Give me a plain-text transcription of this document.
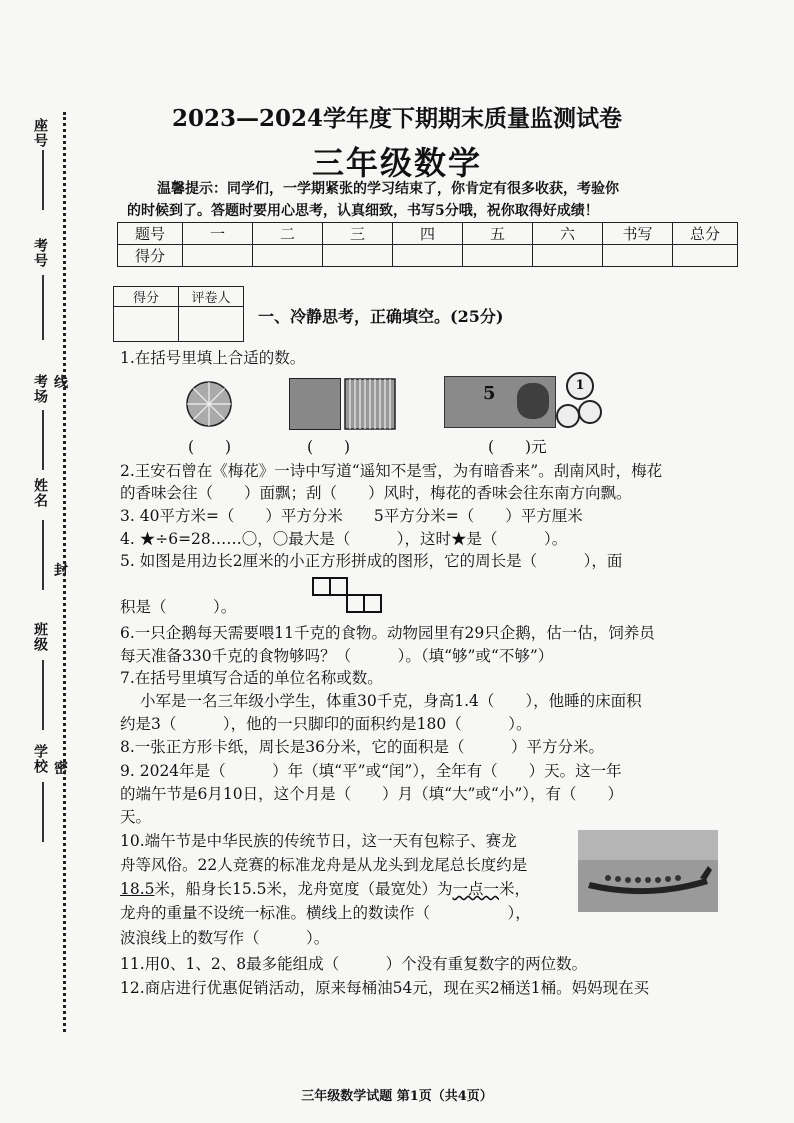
座号
考号
考场
姓名
班级
学校
线
封
密
2023—2024学年度下期期末质量监测试卷
三年级数学
温馨提示：同学们，一学期紧张的学习结束了，你肯定有很多收获，考验你
的时候到了。答题时要用心思考，认真细致，书写5分哦，祝你取得好成绩！
题号	一	二	三	四	五	六	书写	总分
得分								
得分	评卷人

一、冷静思考，正确填空。(25分)
1.在括号里填上合适的数。
5	1
(　　)	(　　)	(　　)元
2.王安石曾在《梅花》一诗中写道“遥知不是雪，为有暗香来”。刮南风时，梅花
的香味会往（　　）面飘；刮（　　）风时，梅花的香味会往东南方向飘。
3. 40平方米=（　　）平方分米　　5平方分米=（　　）平方厘米
4. ★÷6=28……〇，〇最大是（　　　），这时★是（　　　）。
5. 如图是用边长2厘米的小正方形拼成的图形，它的周长是（　　　），面
积是（　　　）。
6.一只企鹅每天需要喂11千克的食物。动物园里有29只企鹅，估一估，饲养员
每天准备330千克的食物够吗？（　　　）。（填“够”或“不够”）
7.在括号里填写合适的单位名称或数。
小军是一名三年级小学生，体重30千克，身高1.4（　　），他睡的床面积
约是3（　　　），他的一只脚印的面积约是180（　　　）。
8.一张正方形卡纸，周长是36分米，它的面积是（　　　）平方分米。
9. 2024年是（　　　）年（填“平”或“闰”），全年有（　　）天。这一年
的端午节是6月10日，这个月是（　　）月（填“大”或“小”），有（　　）
天。
10.端午节是中华民族的传统节日，这一天有包粽子、赛龙
舟等风俗。22人竞赛的标准龙舟是从龙头到龙尾总长度约是
18.5米，船身长15.5米，龙舟宽度（最宽处）为一点一米，
龙舟的重量不设统一标准。横线上的数读作（　　　　　），
波浪线上的数写作（　　　）。
11.用0、1、2、8最多能组成（　　　）个没有重复数字的两位数。
12.商店进行优惠促销活动，原来每桶油54元，现在买2桶送1桶。妈妈现在买
三年级数学试题 第1页（共4页）
